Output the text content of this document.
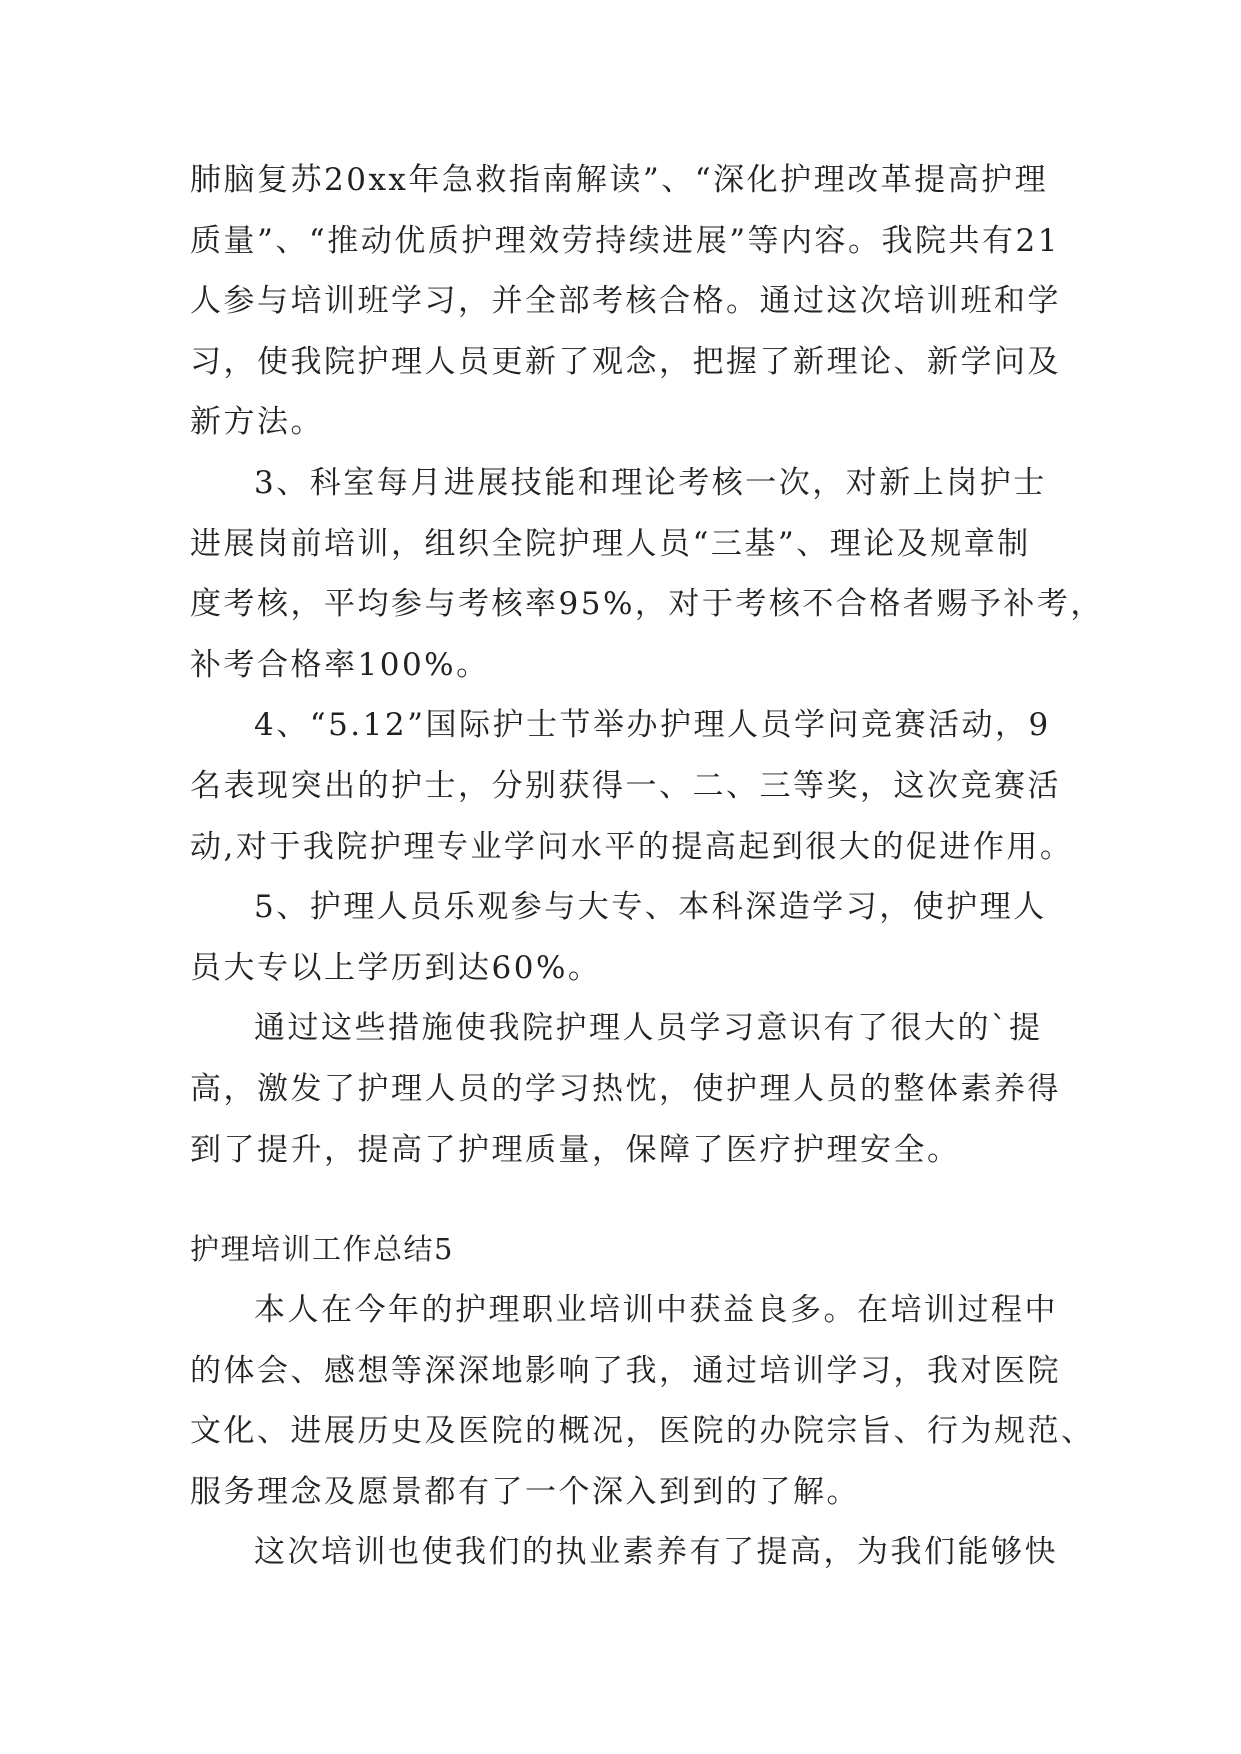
肺脑复苏20xx年急救指南解读”、“深化护理改革提高护理
质量”、“推动优质护理效劳持续进展”等内容。我院共有21
人参与培训班学习，并全部考核合格。通过这次培训班和学
习，使我院护理人员更新了观念，把握了新理论、新学问及
新方法。
3、科室每月进展技能和理论考核一次，对新上岗护士
进展岗前培训，组织全院护理人员“三基”、理论及规章制
度考核，平均参与考核率95%，对于考核不合格者赐予补考，
补考合格率100%。
4、“5.12”国际护士节举办护理人员学问竞赛活动，9
名表现突出的护士，分别获得一、二、三等奖，这次竞赛活
动,对于我院护理专业学问水平的提高起到很大的促进作用。
5、护理人员乐观参与大专、本科深造学习，使护理人
员大专以上学历到达60%。
通过这些措施使我院护理人员学习意识有了很大的`提
高，激发了护理人员的学习热忱，使护理人员的整体素养得
到了提升，提高了护理质量，保障了医疗护理安全。
护理培训工作总结5
本人在今年的护理职业培训中获益良多。在培训过程中
的体会、感想等深深地影响了我，通过培训学习，我对医院
文化、进展历史及医院的概况，医院的办院宗旨、行为规范、
服务理念及愿景都有了一个深入到到的了解。
这次培训也使我们的执业素养有了提高，为我们能够快
